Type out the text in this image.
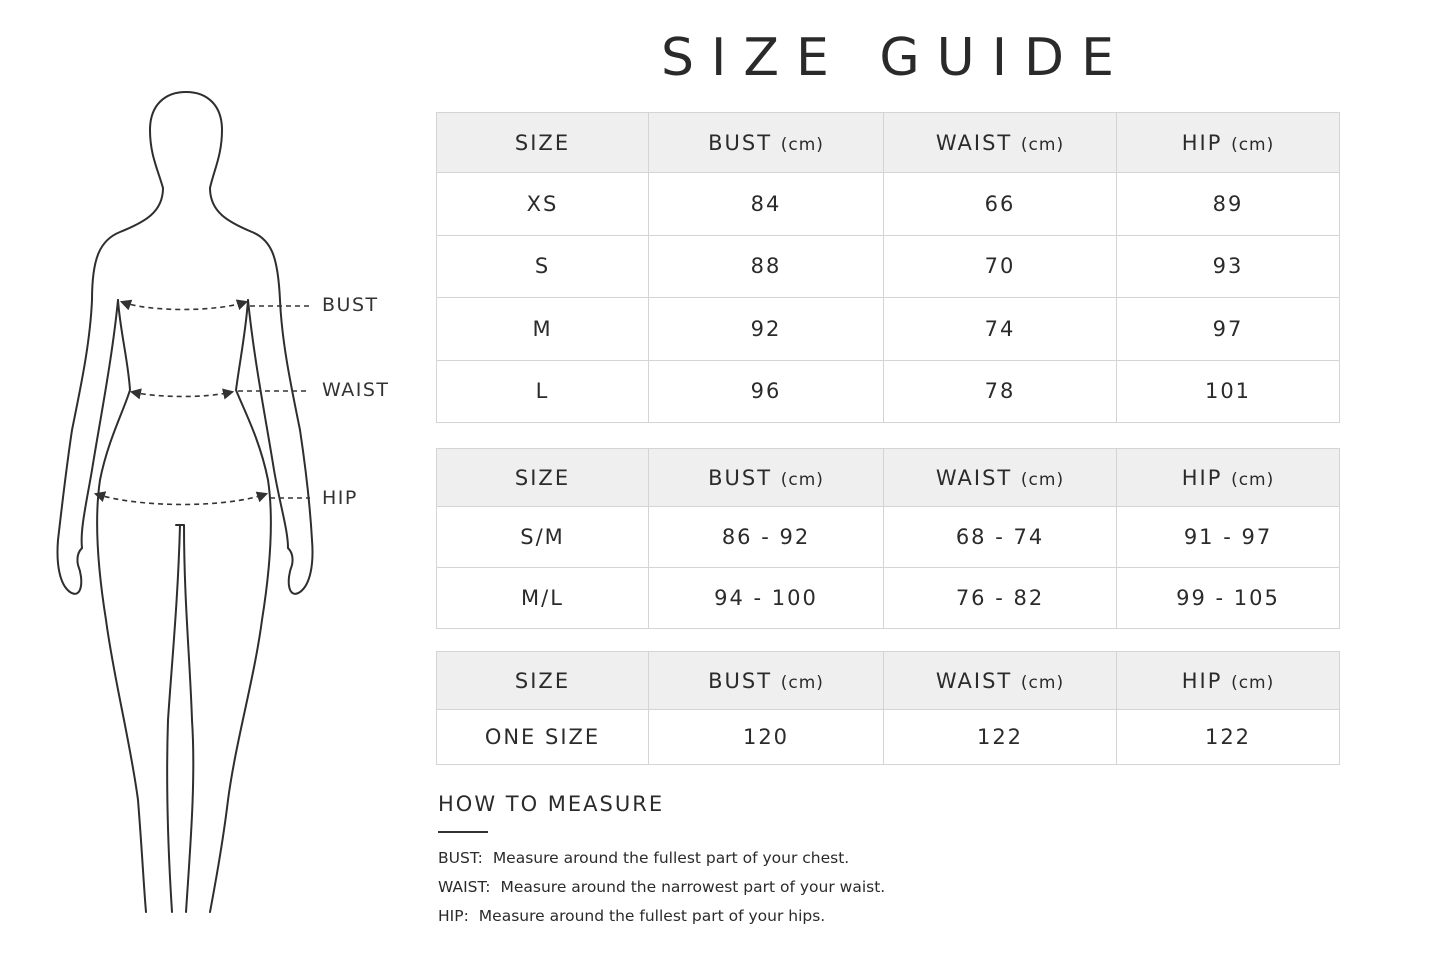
BUST
WAIST
HIP
SIZE GUIDE
SIZE	BUST (cm)	WAIST (cm)	HIP (cm)
XS	84	66	89
S	88	70	93
M	92	74	97
L	96	78	101
SIZE	BUST (cm)	WAIST (cm)	HIP (cm)
S/M	86 - 92	68 - 74	91 - 97
M/L	94 - 100	76 - 82	99 - 105
SIZE	BUST (cm)	WAIST (cm)	HIP (cm)
ONE SIZE	120	122	122
HOW TO MEASURE
BUST: Measure around the fullest part of your chest.
WAIST: Measure around the narrowest part of your waist.
HIP: Measure around the fullest part of your hips.
